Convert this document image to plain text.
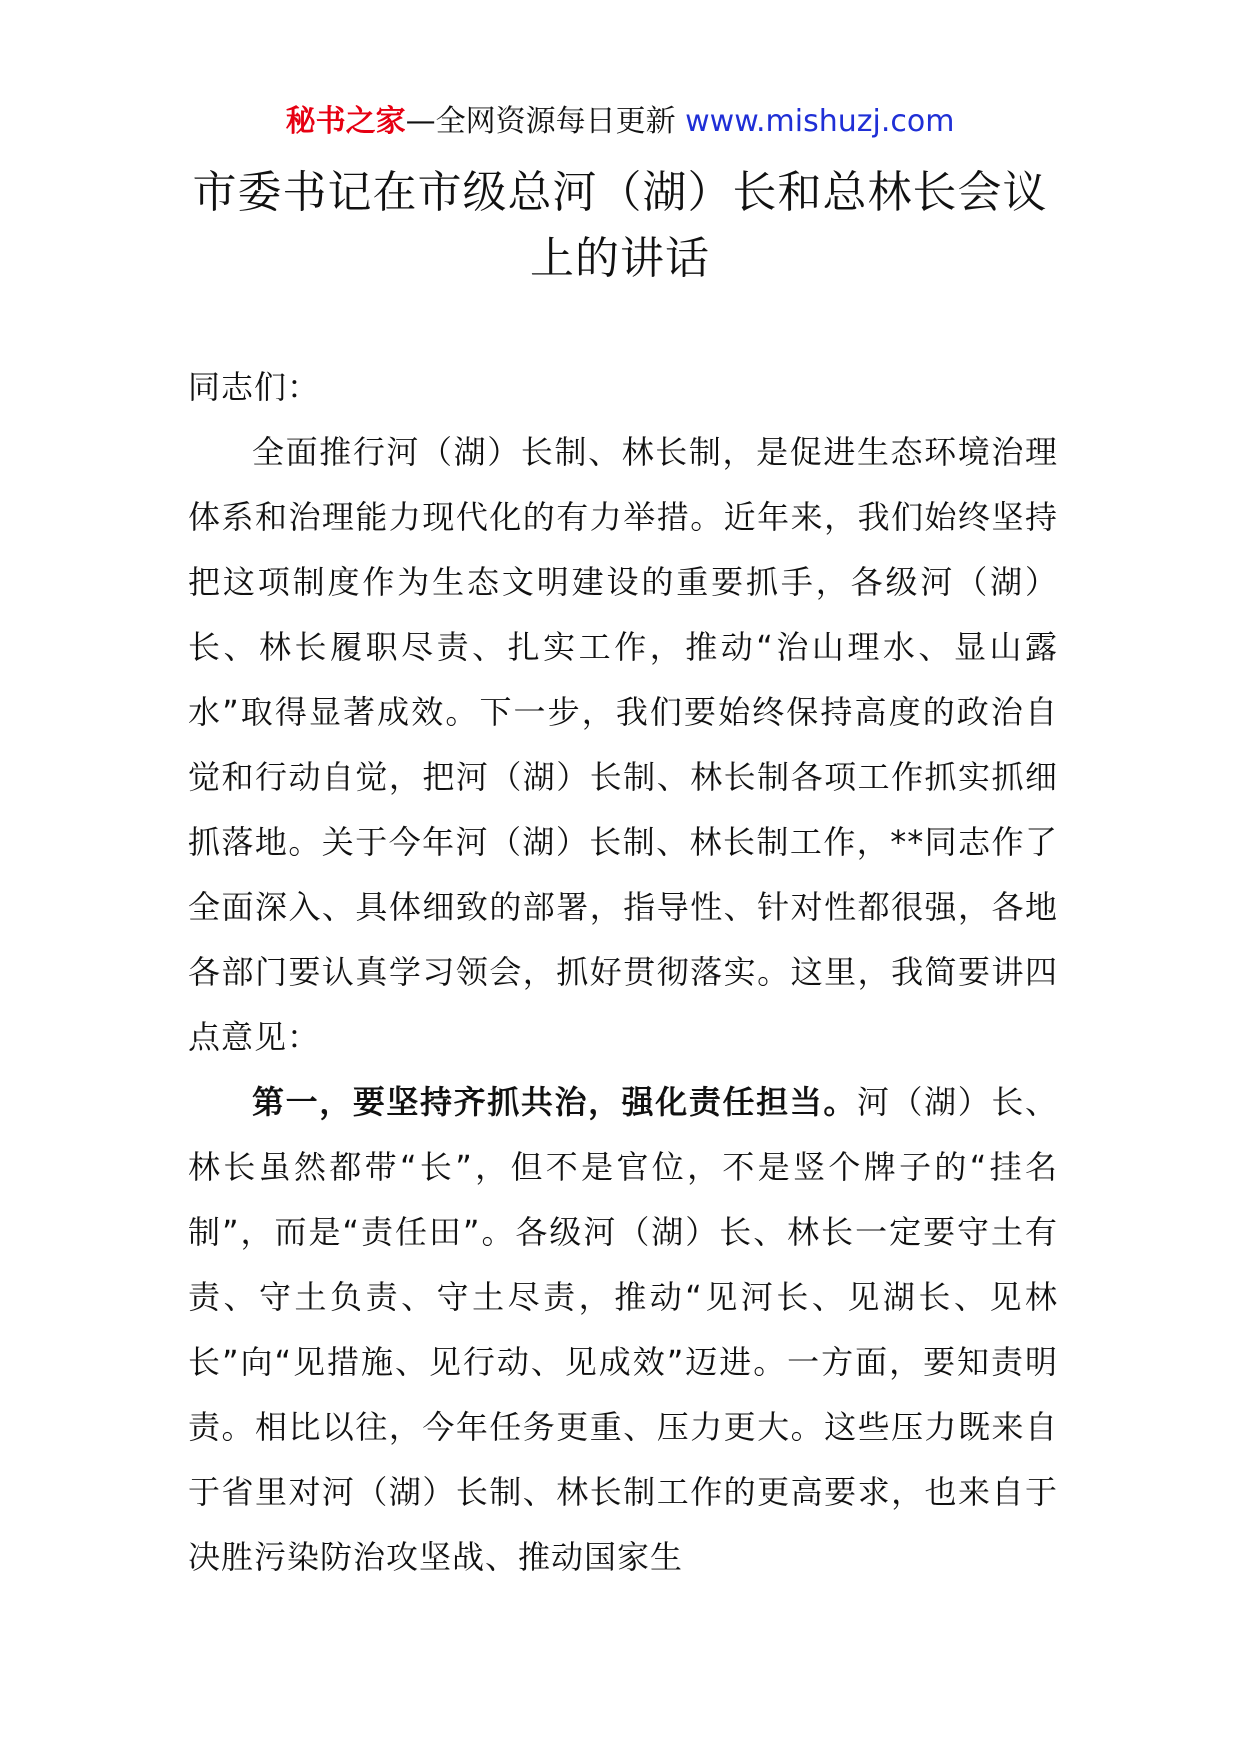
秘书之家—全网资源每日更新 www.mishuzj.com
市委书记在市级总河（湖）长和总林长会议上的讲话

同志们：

全面推行河（湖）长制、林长制，是促进生态环境治理体系和治理能力现代化的有力举措。近年来，我们始终坚持把这项制度作为生态文明建设的重要抓手，各级河（湖）长、林长履职尽责、扎实工作，推动“治山理水、显山露水”取得显著成效。下一步，我们要始终保持高度的政治自觉和行动自觉，把河（湖）长制、林长制各项工作抓实抓细抓落地。关于今年河（湖）长制、林长制工作，**同志作了全面深入、具体细致的部署，指导性、针对性都很强，各地各部门要认真学习领会，抓好贯彻落实。这里，我简要讲四点意见：

第一，要坚持齐抓共治，强化责任担当。河（湖）长、林长虽然都带“长”，但不是官位，不是竖个牌子的“挂名制”，而是“责任田”。各级河（湖）长、林长一定要守土有责、守土负责、守土尽责，推动“见河长、见湖长、见林长”向“见措施、见行动、见成效”迈进。一方面，要知责明责。相比以往，今年任务更重、压力更大。这些压力既来自于省里对河（湖）长制、林长制工作的更高要求，也来自于决胜污染防治攻坚战、推动国家生
